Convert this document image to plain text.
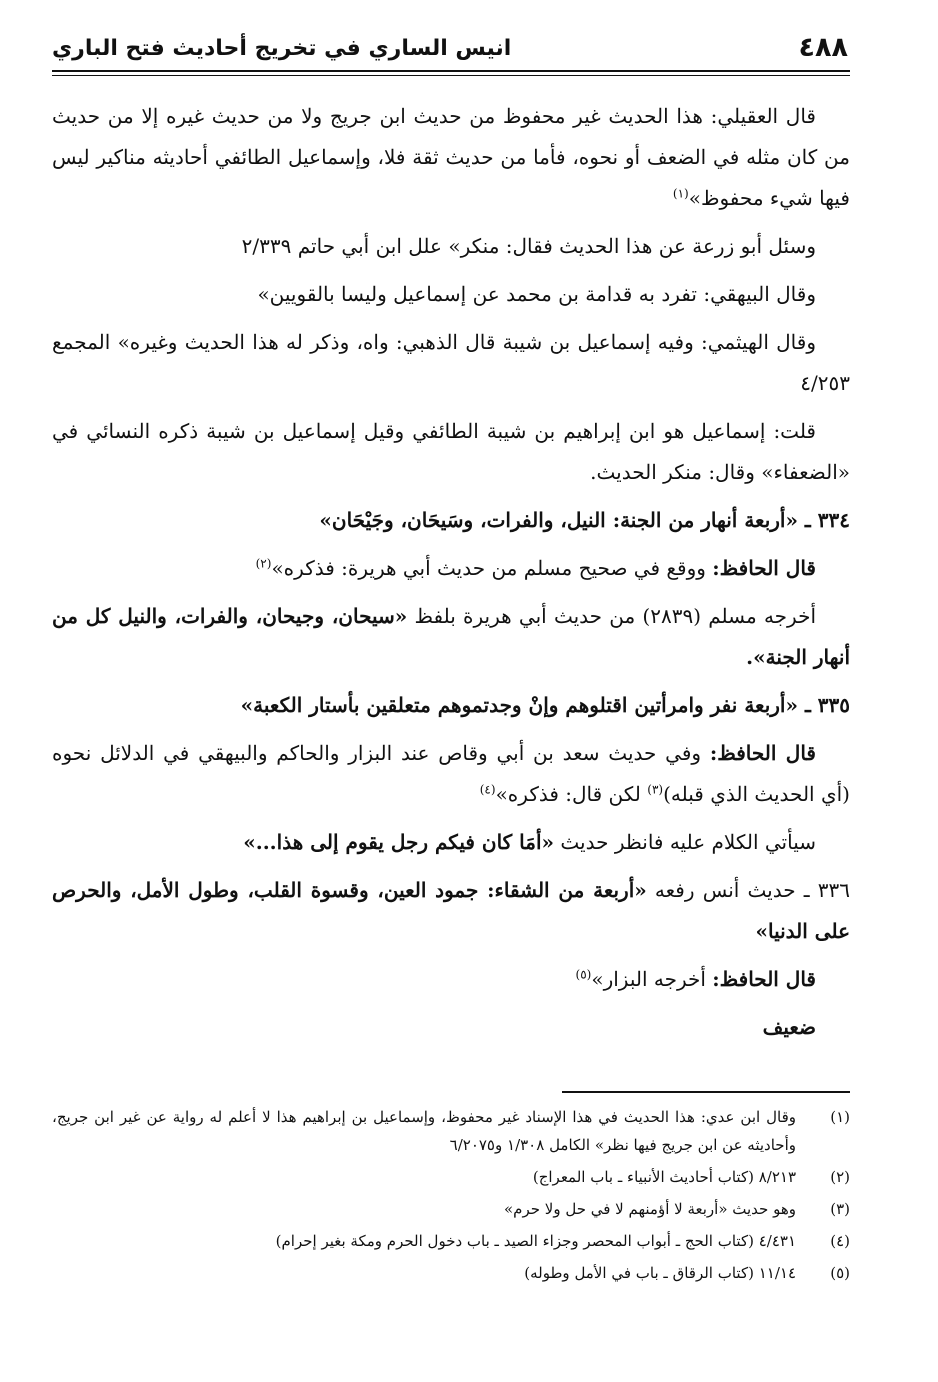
٤٨٨
انيس الساري في تخريج أحاديث فتح الباري

قال العقيلي: هذا الحديث غير محفوظ من حديث ابن جريج ولا من حديث غيره إلا من حديث من كان مثله في الضعف أو نحوه، فأما من حديث ثقة فلا، وإسماعيل الطائفي أحاديثه مناكير ليس فيها شيء محفوظ»$^{(١)}$

وسئل أبو زرعة عن هذا الحديث فقال: منكر» علل ابن أبي حاتم ٢/٣٣٩

وقال البيهقي: تفرد به قدامة بن محمد عن إسماعيل وليسا بالقويين»

وقال الهيثمي: وفيه إسماعيل بن شيبة قال الذهبي: واه، وذكر له هذا الحديث وغيره» المجمع ٤/٢٥٣

قلت: إسماعيل هو ابن إبراهيم بن شيبة الطائفي وقيل إسماعيل بن شيبة ذكره النسائي في «الضعفاء» وقال: منكر الحديث.

٣٣٤ ـ «أربعة أنهار من الجنة: النيل، والفرات، وسَيحَان، وجَيْحَان»

قال الحافظ: ووقع في صحيح مسلم من حديث أبي هريرة: فذكره»$^{(٢)}$

أخرجه مسلم (٢٨٣٩) من حديث أبي هريرة بلفظ «سيحان، وجيحان، والفرات، والنيل كل من أنهار الجنة».

٣٣٥ ـ «أربعة نفر وامرأتين اقتلوهم وإنْ وجدتموهم متعلقين بأستار الكعبة»

قال الحافظ: وفي حديث سعد بن أبي وقاص عند البزار والحاكم والبيهقي في الدلائل نحوه (أي الحديث الذي قبله)$^{(٣)}$ لكن قال: فذكره»$^{(٤)}$

سيأتي الكلام عليه فانظر حديث «أمَا كان فيكم رجل يقوم إلى هذا...»

٣٣٦ ـ حديث أنس رفعه «أربعة من الشقاء: جمود العين، وقسوة القلب، وطول الأمل، والحرص على الدنيا»

قال الحافظ: أخرجه البزار»$^{(٥)}$

ضعيف

(١)
وقال ابن عدي: هذا الحديث في هذا الإسناد غير محفوظ، وإسماعيل بن إبراهيم هذا لا أعلم له رواية عن غير ابن جريج، وأحاديثه عن ابن جريج فيها نظر» الكامل ١/٣٠٨ و٦/٢٠٧٥
(٢)
٨/٢١٣ (كتاب أحاديث الأنبياء ـ باب المعراج)
(٣)
وهو حديث «أربعة لا أؤمنهم لا في حل ولا حرم»
(٤)
٤/٤٣١ (كتاب الحج ـ أبواب المحصر وجزاء الصيد ـ باب دخول الحرم ومكة بغير إحرام)
(٥)
١١/١٤ (كتاب الرقاق ـ باب في الأمل وطوله)
